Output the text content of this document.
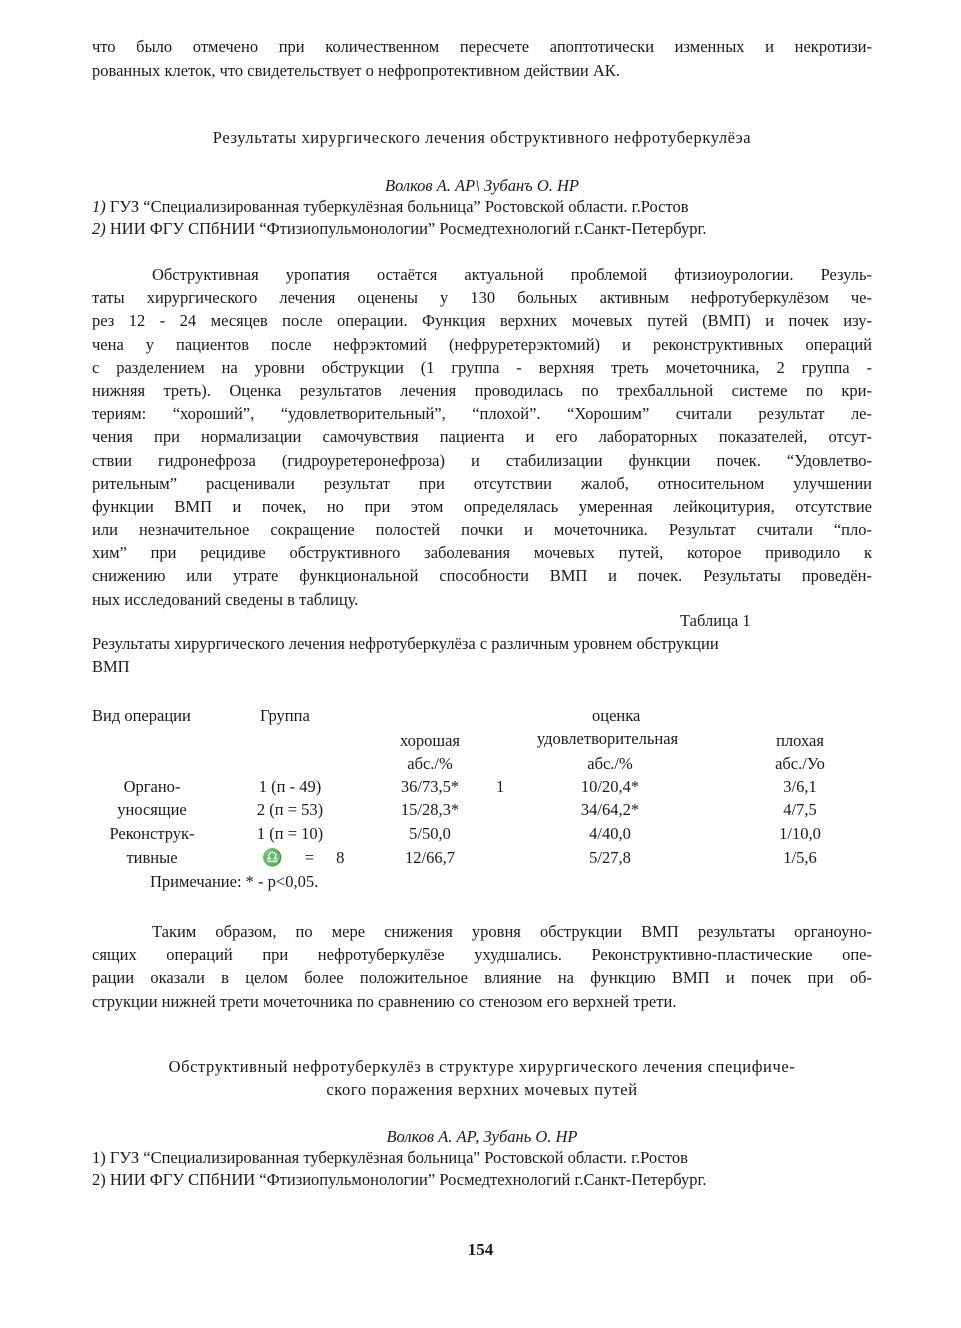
что было отмечено при количественном пересчете апоптотически изменных и некротизи-
рованных клеток, что свидетельствует о нефропротективном действии АК.
Результаты хирургического лечения обструктивного нефротуберкулёэа
Волков А. АР\ Зубанъ О. НР
1) ГУЗ “Специализированная туберкулёзная больница” Ростовской области. г.Ростов
2) НИИ ФГУ СПбНИИ “Фтизиопульмонологии” Росмедтехнологий г.Санкт-Петербург.
Обструктивная уропатия остаётся актуальной проблемой фтизиоурологии. Резуль-
таты хирургического лечения оценены у 130 больных активным нефротуберкулёзом че-
рез 12 - 24 месяцев после операции. Функция верхних мочевых путей (ВМП) и почек изу-
чена у пациентов после нефрэктомий (нефруретерэктомий) и реконструктивных операций
с разделением на уровни обструкции (1 группа - верхняя треть мочеточника, 2 группа -
нижняя треть). Оценка результатов лечения проводилась по трехбалльной системе по кри-
териям: “хороший”, “удовлетворительный”, “плохой”. “Хорошим” считали результат ле-
чения при нормализации самочувствия пациента и его лабораторных показателей, отсут-
ствии гидронефроза (гидроуретеронефроза) и стабилизации функции почек. “Удовлетво-
рительным” расценивали результат при отсутствии жалоб, относительном улучшении
функции ВМП и почек, но при этом определялась умеренная лейкоцитурия, отсутствие
или незначительное сокращение полостей почки и мочеточника. Результат считали “пло-
хим” при рецидиве обструктивного заболевания мочевых путей, которое приводило к
снижению или утрате функциональной способности ВМП и почек. Результаты проведён-
ных исследований сведены в таблицу.
Таблица 1
Результаты хирургического лечения нефротуберкулёза с различным уровнем обструкции
ВМП
Вид операции	Группа	оценка
хорошая	удовлетворительная	плохая
абс./%	абс./%	абс./Уо
Органо-	1 (п - 49)	36/73,5*	1	10/20,4*	3/6,1
уносящие	2 (п = 53)	15/28,3*	34/64,2*	4/7,5
Реконструк-	1 (п = 10)	5/50,0	4/40,0	1/10,0
тивные	♎ = 8	12/66,7	5/27,8	1/5,6
Примечание: * - р<0,05.
Таким образом, по мере снижения уровня обструкции ВМП результаты органоуно-
сящих операций при нефротуберкулёзе ухудшались. Реконструктивно-пластические опе-
рации оказали в целом более положительное влияние на функцию ВМП и почек при об-
струкции нижней трети мочеточника по сравнению со стенозом его верхней трети.
Обструктивный нефротуберкулёз в структуре хирургического лечения специфиче-
ского поражения верхних мочевых путей
Волков А. АР, Зубань О. НР
1) ГУЗ “Специализированная туберкулёзная больница" Ростовской области. г.Ростов
2) НИИ ФГУ СПбНИИ “Фтизиопульмонологии” Росмедтехнологий г.Санкт-Петербург.
154
